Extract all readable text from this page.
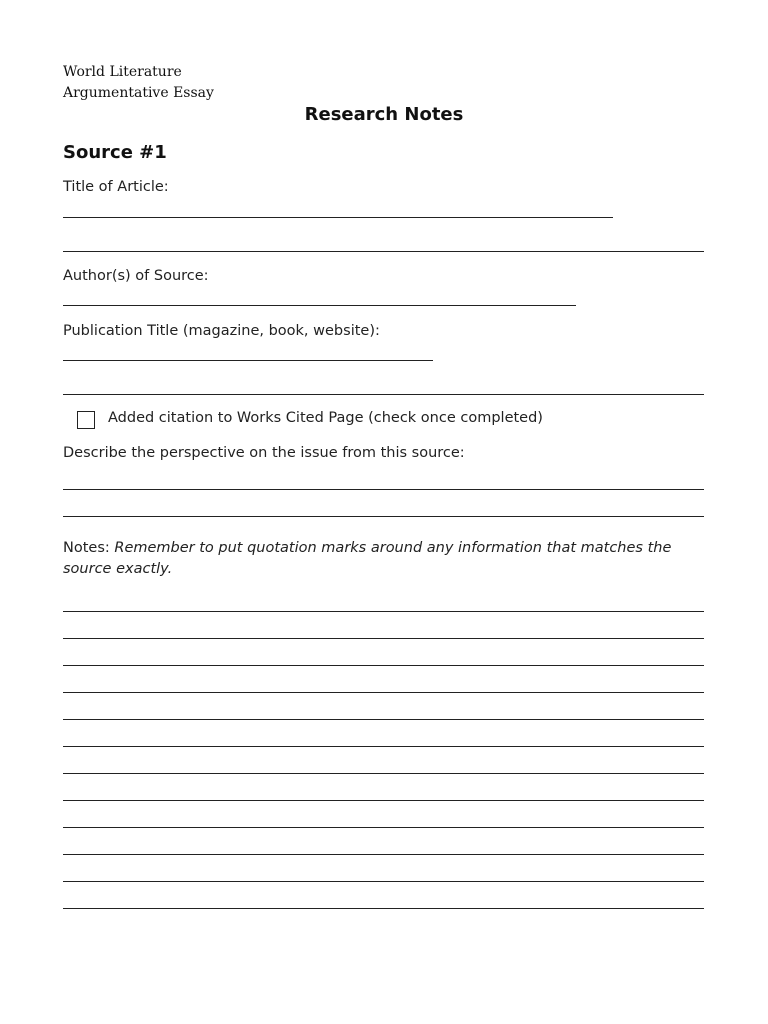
World Literature
Argumentative Essay
Research Notes
Source #1
Title of Article:
Author(s) of Source:
Publication Title (magazine, book, website):
Added citation to Works Cited Page (check once completed)
Describe the perspective on the issue from this source:
Notes: Remember to put quotation marks around any information that matches the source exactly.
